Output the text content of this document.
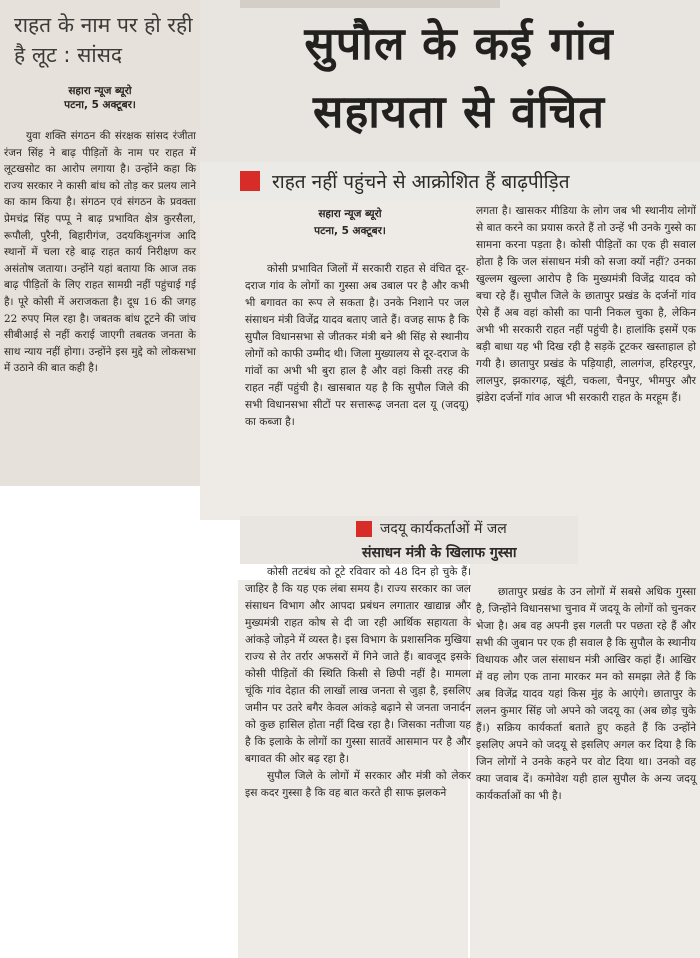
राहत के नाम पर हो रही है लूट : सांसद
सहारा न्यूज ब्यूरो
पटना, 5 अक्टूबर।

युवा शक्ति संगठन की संरक्षक सांसद रंजीता रंजन सिंह ने बाढ़ पीड़ितों के नाम पर राहत में लूटखसोट का आरोप लगाया है। उन्होंने कहा कि राज्य सरकार ने कासी बांध को तोड़ कर प्रलय लाने का काम किया है। संगठन एवं संगठन के प्रवक्ता प्रेमचंद्र सिंह पप्पू ने बाढ़ प्रभावित क्षेत्र कुरसैला, रूपौली, पुरैनी, बिहारीगंज, उदयकिशुनगंज आदि स्थानों में चला रहे बाढ़ राहत कार्य निरीक्षण कर असंतोष जताया। उन्होंने यहां बताया कि आज तक बाढ़ पीड़ितों के लिए राहत सामग्री नहीं पहुंचाई गई है। पूरे कोसी में अराजकता है। दूध 16 की जगह 22 रुपए मिल रहा है। जबतक बांध टूटने की जांच सीबीआई से नहीं कराई जाएगी तबतक जनता के साथ न्याय नहीं होगा। उन्होंने इस मुद्दे को लोकसभा में उठाने की बात कही है।

सुपौल के कई गांव
सहायता से वंचित
राहत नहीं पहुंचने से आक्रोशित हैं बाढ़पीड़ित
सहारा न्यूज ब्यूरो
पटना, 5 अक्टूबर।

कोसी प्रभावित जिलों में सरकारी राहत से वंचित दूर-दराज गांव के लोगों का गुस्सा अब उबाल पर है और कभी भी बगावत का रूप ले सकता है। उनके निशाने पर जल संसाधन मंत्री विजेंद्र यादव बताए जाते हैं। वजह साफ है कि सुपौल विधानसभा से जीतकर मंत्री बने श्री सिंह से स्थानीय लोगों को काफी उम्मीद थी। जिला मुख्यालय से दूर-दराज के गांवों का अभी भी बुरा हाल है और वहां किसी तरह की राहत नहीं पहुंची है। खासबात यह है कि सुपौल जिले की सभी विधानसभा सीटों पर सत्तारूढ़ जनता दल यू (जदयू) का कब्जा है।

लगता है। खासकर मीडिया के लोग जब भी स्थानीय लोगों से बात करने का प्रयास करते हैं तो उन्हें भी उनके गुस्से का सामना करना पड़ता है। कोसी पीड़ितों का एक ही सवाल होता है कि जल संसाधन मंत्री को सजा क्यों नहीं? उनका खुल्लम खुल्ला आरोप है कि मुख्यमंत्री विजेंद्र यादव को बचा रहे हैं। सुपौल जिले के छातापुर प्रखंड के दर्जनों गांव ऐसे हैं अब वहां कोसी का पानी निकल चुका है, लेकिन अभी भी सरकारी राहत नहीं पहुंची है। हालांकि इसमें एक बड़ी बाधा यह भी दिख रही है सड़कें टूटकर खस्ताहाल हो गयी है। छातापुर प्रखंड के पड़ियाही, लालगंज, हरिहरपुर, लालपुर, झकारगढ़, खूंटी, चकला, चैनपुर, भीमपुर और झंडेरा दर्जनों गांव आज भी सरकारी राहत के मरहूम हैं।

जदयू कार्यकर्ताओं में जल
संसाधन मंत्री के खिलाफ गुस्सा

कोसी तटबंध को टूटे रविवार को 48 दिन हो चुके हैं। जाहिर है कि यह एक लंबा समय है। राज्य सरकार का जल संसाधन विभाग और आपदा प्रबंधन लगातार खाद्यान्न और मुख्यमंत्री राहत कोष से दी जा रही आर्थिक सहायता के आंकड़े जोड़ने में व्यस्त है। इस विभाग के प्रशासनिक मुखिया राज्य से तेर तर्रार अफसरों में गिने जाते हैं। बावजूद इसके कोसी पीड़ितों की स्थिति किसी से छिपी नहीं है। मामला चूंकि गांव देहात की लाखों लाख जनता से जुड़ा है, इसलिए जमीन पर उतरे बगैर केवल आंकड़े बढ़ाने से जनता जनार्दन को कुछ हासिल होता नहीं दिख रहा है। जिसका नतीजा यह है कि इलाके के लोगों का गुस्सा सातवें आसमान पर है और बगावत की ओर बढ़ रहा है।

सुपौल जिले के लोगों में सरकार और मंत्री को लेकर इस कदर गुस्सा है कि वह बात करते ही साफ झलकने

छातापुर प्रखंड के उन लोगों में सबसे अधिक गुस्सा है, जिन्होंने विधानसभा चुनाव में जदयू के लोगों को चुनकर भेजा है। अब वह अपनी इस गलती पर पछता रहे हैं और सभी की जुबान पर एक ही सवाल है कि सुपौल के स्थानीय विधायक और जल संसाधन मंत्री आखिर कहां हैं। आखिर में वह लोग एक ताना मारकर मन को समझा लेते हैं कि अब विजेंद्र यादव यहां किस मुंह के आएंगे। छातापुर के ललन कुमार सिंह जो अपने को जदयू का (अब छोड़ चुके हैं।) सक्रिय कार्यकर्ता बताते हुए कहते हैं कि उन्होंने इसलिए अपने को जदयू से इसलिए अगल कर दिया है कि जिन लोगों ने उनके कहने पर वोट दिया था। उनको वह क्या जवाब दें। कमोवेश यही हाल सुपौल के अन्य जदयू कार्यकर्ताओं का भी है।
